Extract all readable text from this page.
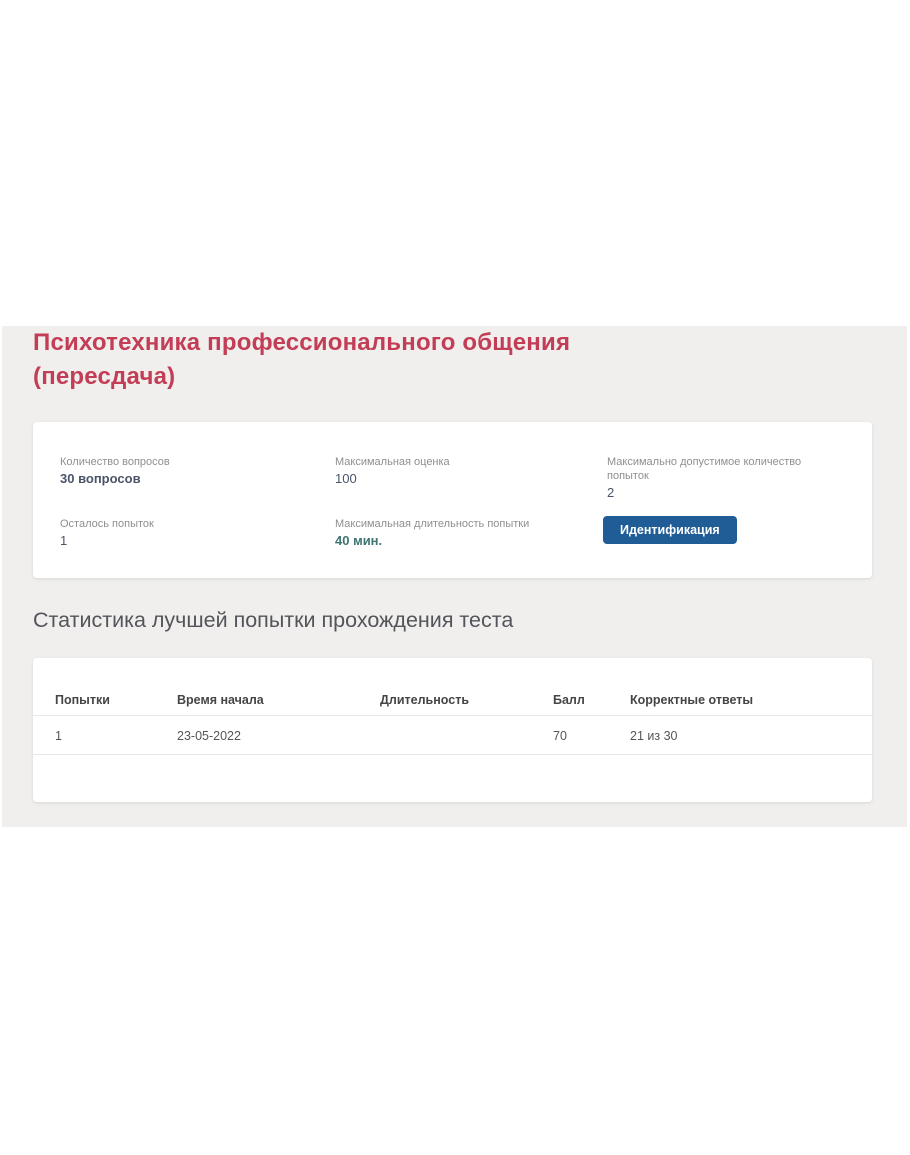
Психотехника профессионального общения (пересдача)
Количество вопросов
30 вопросов
Максимальная оценка
100
Максимально допустимое количество попыток
2
Осталось попыток
1
Максимальная длительность попытки
40 мин.
Идентификация
Статистика лучшей попытки прохождения теста
Попытки	Время начала	Длительность	Балл	Корректные ответы
1	23-05-2022		70	21 из 30
